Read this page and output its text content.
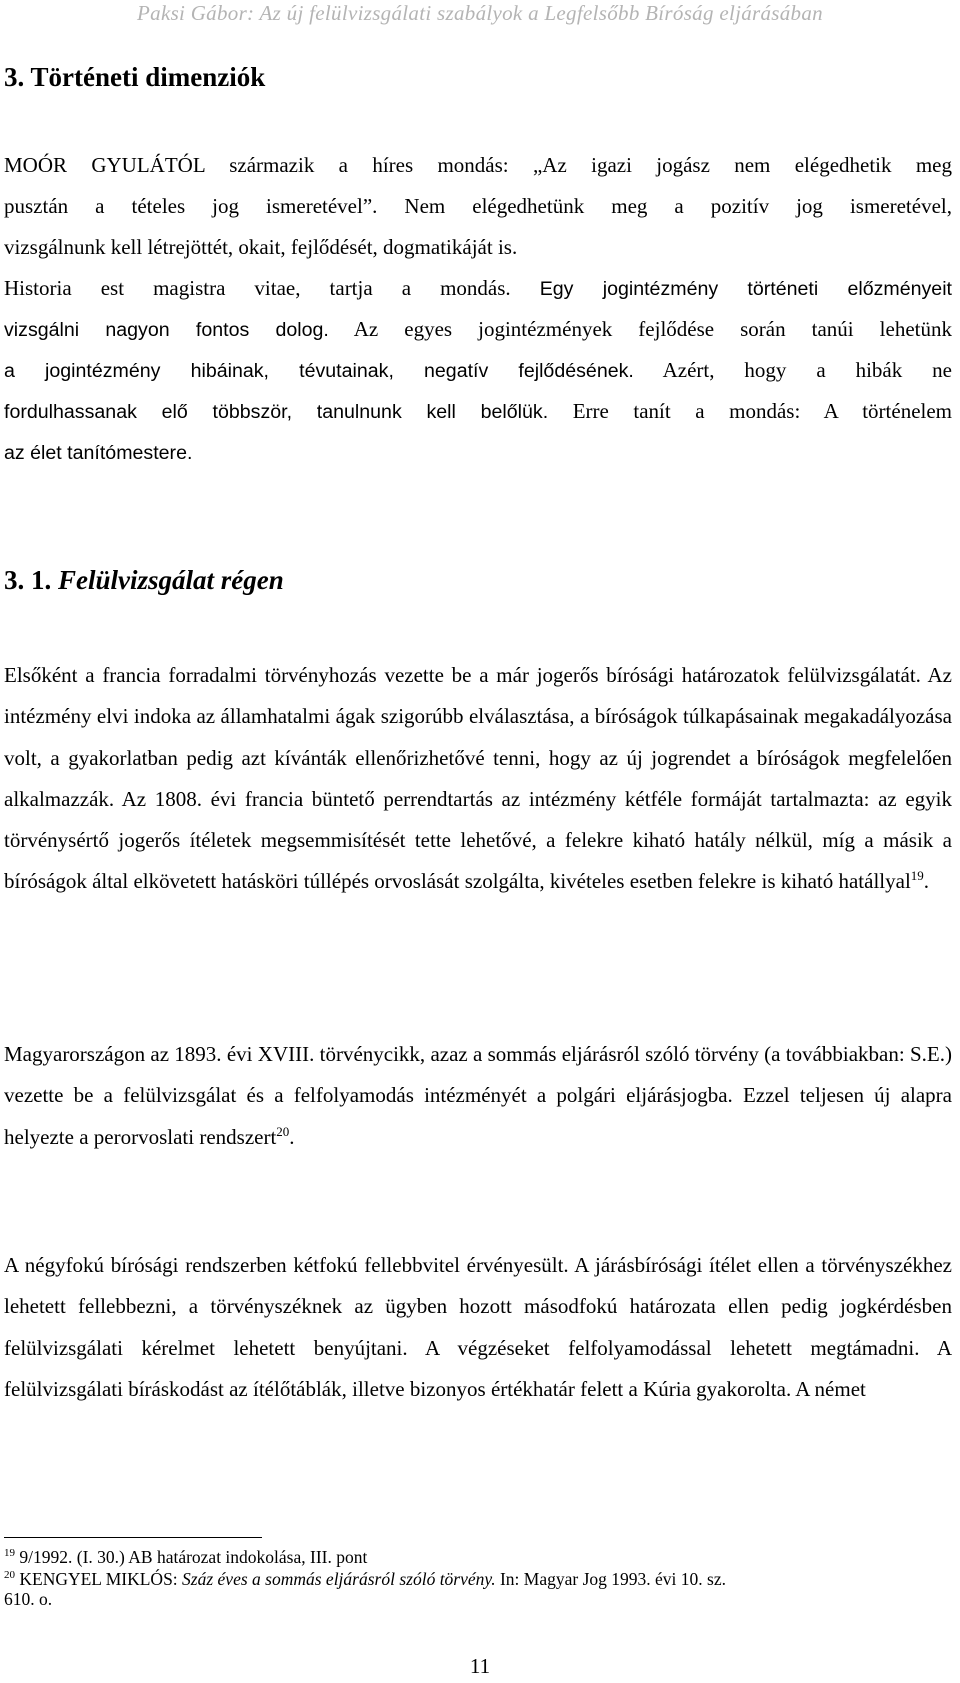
Paksi Gábor: Az új felülvizsgálati szabályok a Legfelsőbb Bíróság eljárásában
3. Történeti dimenziók

MOÓR GYULÁTÓL származik a híres mondás: „Az igazi jogász nem elégedhetik meg

pusztán a tételes jog ismeretével”. Nem elégedhetünk meg a pozitív jog ismeretével,

vizsgálnunk kell létrejöttét, okait, fejlődését, dogmatikáját is.

Historia est magistra vitae, tartja a mondás. Egy jogintézmény történeti előzményeit
vizsgálni nagyon fontos dolog. Az egyes jogintézmények fejlődése során tanúi lehetünk
a jogintézmény hibáinak, tévutainak, negatív fejlődésének. Azért, hogy a hibák ne
fordulhassanak elő többször, tanulnunk kell belőlük. Erre tanít a mondás: A történelem
az élet tanítómestere.
3. 1. Felülvizsgálat régen

Elsőként a francia forradalmi törvényhozás vezette be a már jogerős bírósági határozatok felülvizsgálatát. Az intézmény elvi indoka az államhatalmi ágak szigorúbb elválasztása, a bíróságok túlkapásainak megakadályozása volt, a gyakorlatban pedig azt kívánták ellenőrizhetővé tenni, hogy az új jogrendet a bíróságok megfelelően alkalmazzák. Az 1808. évi francia büntető perrendtartás az intézmény kétféle formáját tartalmazta: az egyik törvénysértő jogerős ítéletek megsemmisítését tette lehetővé, a felekre kiható hatály nélkül, míg a másik a bíróságok által elkövetett hatásköri túllépés orvoslását szolgálta, kivételes esetben felekre is kiható hatállyal$^{19}$.

Magyarországon az 1893. évi XVIII. törvénycikk, azaz a sommás eljárásról szóló törvény (a továbbiakban: S.E.) vezette be a felülvizsgálat és a felfolyamodás intézményét a polgári eljárásjogba. Ezzel teljesen új alapra helyezte a perorvoslati rendszert$^{20}$.

A négyfokú bírósági rendszerben kétfokú fellebbvitel érvényesült. A járásbírósági ítélet ellen a törvényszékhez lehetett fellebbezni, a törvényszéknek az ügyben hozott másodfokú határozata ellen pedig jogkérdésben felülvizsgálati kérelmet lehetett benyújtani. A végzéseket felfolyamodással lehetett megtámadni. A felülvizsgálati bíráskodást az ítélőtáblák, illetve bizonyos értékhatár felett a Kúria gyakorolta. A német

$^{19}$ 9/1992. (I. 30.) AB határozat indokolása, III. pont

$^{20}$ KENGYEL MIKLÓS: Száz éves a sommás eljárásról szóló törvény. In: Magyar Jog 1993. évi 10. sz.
610. o.

11
